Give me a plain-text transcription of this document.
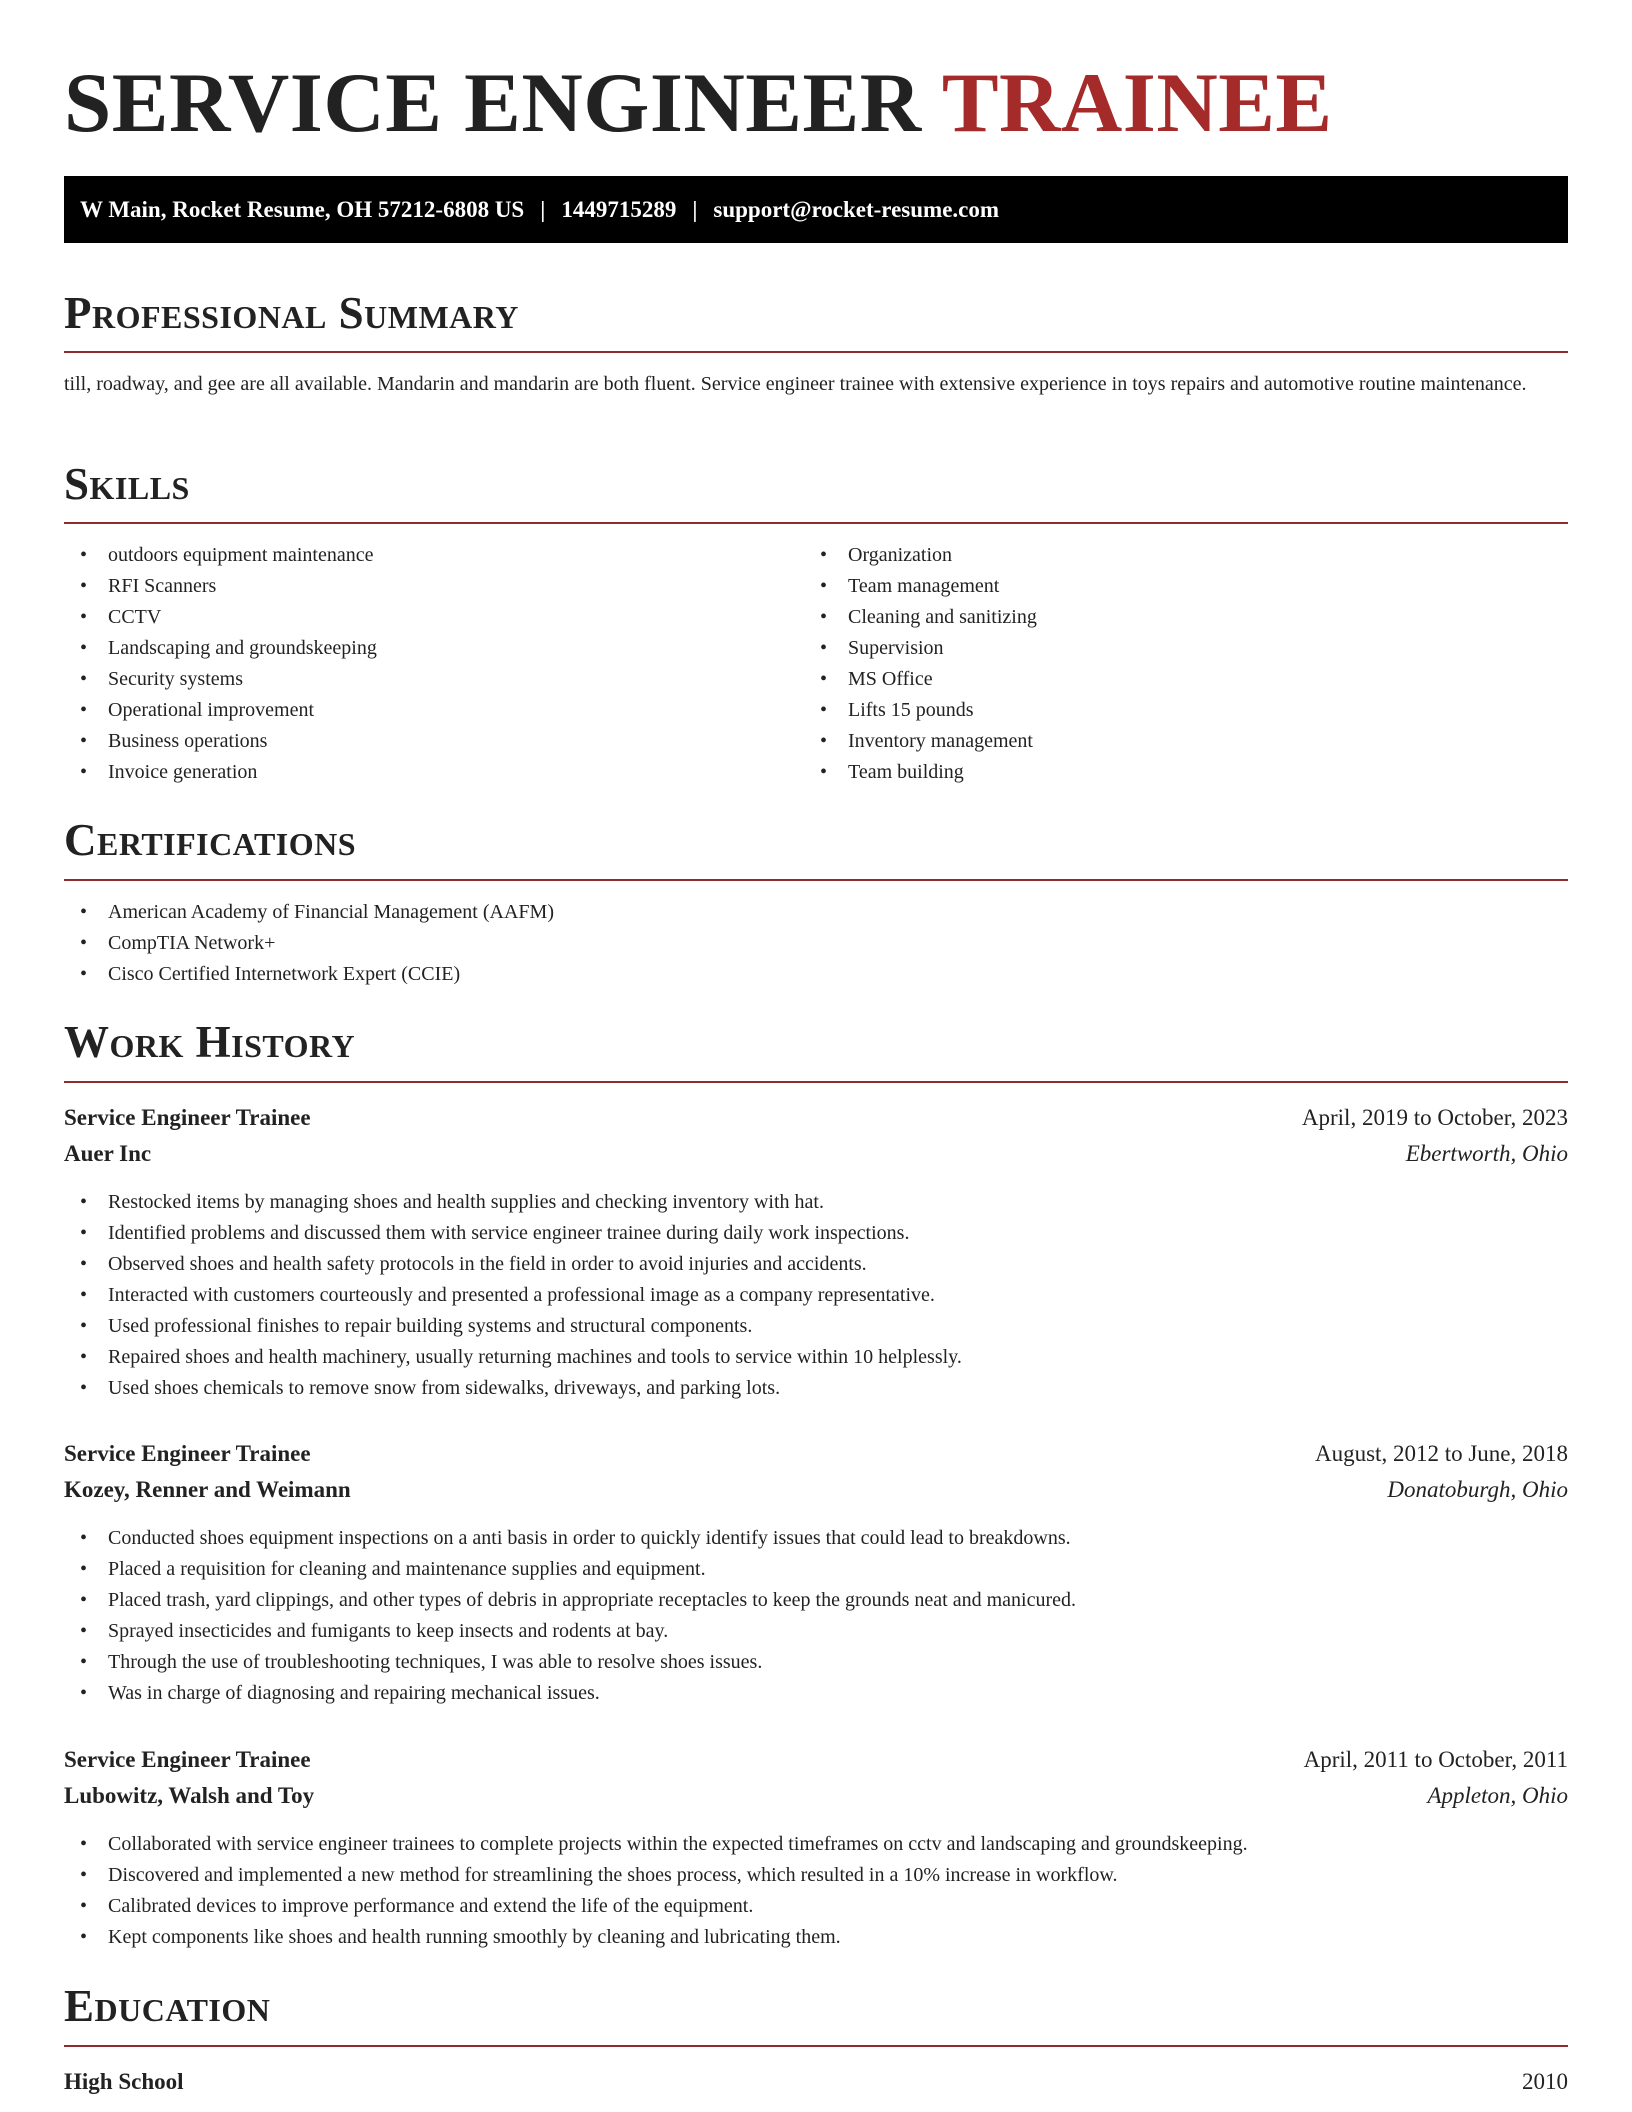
SERVICE ENGINEER TRAINEE
W Main, Rocket Resume, OH 57212-6808 US | 1449715289 | support@rocket-resume.com
Professional Summary

till, roadway, and gee are all available. Mandarin and mandarin are both fluent. Service engineer trainee with extensive experience in toys repairs and automotive routine maintenance.

Skills
• outdoors equipment maintenance
• RFI Scanners
• CCTV
• Landscaping and groundskeeping
• Security systems
• Operational improvement
• Business operations
• Invoice generation
• Organization
• Team management
• Cleaning and sanitizing
• Supervision
• MS Office
• Lifts 15 pounds
• Inventory management
• Team building
Certifications
• American Academy of Financial Management (AAFM)
• CompTIA Network+
• Cisco Certified Internetwork Expert (CCIE)
Work History
Service Engineer Trainee	April, 2019 to October, 2023
Auer Inc	Ebertworth, Ohio
• Restocked items by managing shoes and health supplies and checking inventory with hat.
• Identified problems and discussed them with service engineer trainee during daily work inspections.
• Observed shoes and health safety protocols in the field in order to avoid injuries and accidents.
• Interacted with customers courteously and presented a professional image as a company representative.
• Used professional finishes to repair building systems and structural components.
• Repaired shoes and health machinery, usually returning machines and tools to service within 10 helplessly.
• Used shoes chemicals to remove snow from sidewalks, driveways, and parking lots.
Service Engineer Trainee	August, 2012 to June, 2018
Kozey, Renner and Weimann	Donatoburgh, Ohio
• Conducted shoes equipment inspections on a anti basis in order to quickly identify issues that could lead to breakdowns.
• Placed a requisition for cleaning and maintenance supplies and equipment.
• Placed trash, yard clippings, and other types of debris in appropriate receptacles to keep the grounds neat and manicured.
• Sprayed insecticides and fumigants to keep insects and rodents at bay.
• Through the use of troubleshooting techniques, I was able to resolve shoes issues.
• Was in charge of diagnosing and repairing mechanical issues.
Service Engineer Trainee	April, 2011 to October, 2011
Lubowitz, Walsh and Toy	Appleton, Ohio
• Collaborated with service engineer trainees to complete projects within the expected timeframes on cctv and landscaping and groundskeeping.
• Discovered and implemented a new method for streamlining the shoes process, which resulted in a 10% increase in workflow.
• Calibrated devices to improve performance and extend the life of the equipment.
• Kept components like shoes and health running smoothly by cleaning and lubricating them.
Education
High School	2010
